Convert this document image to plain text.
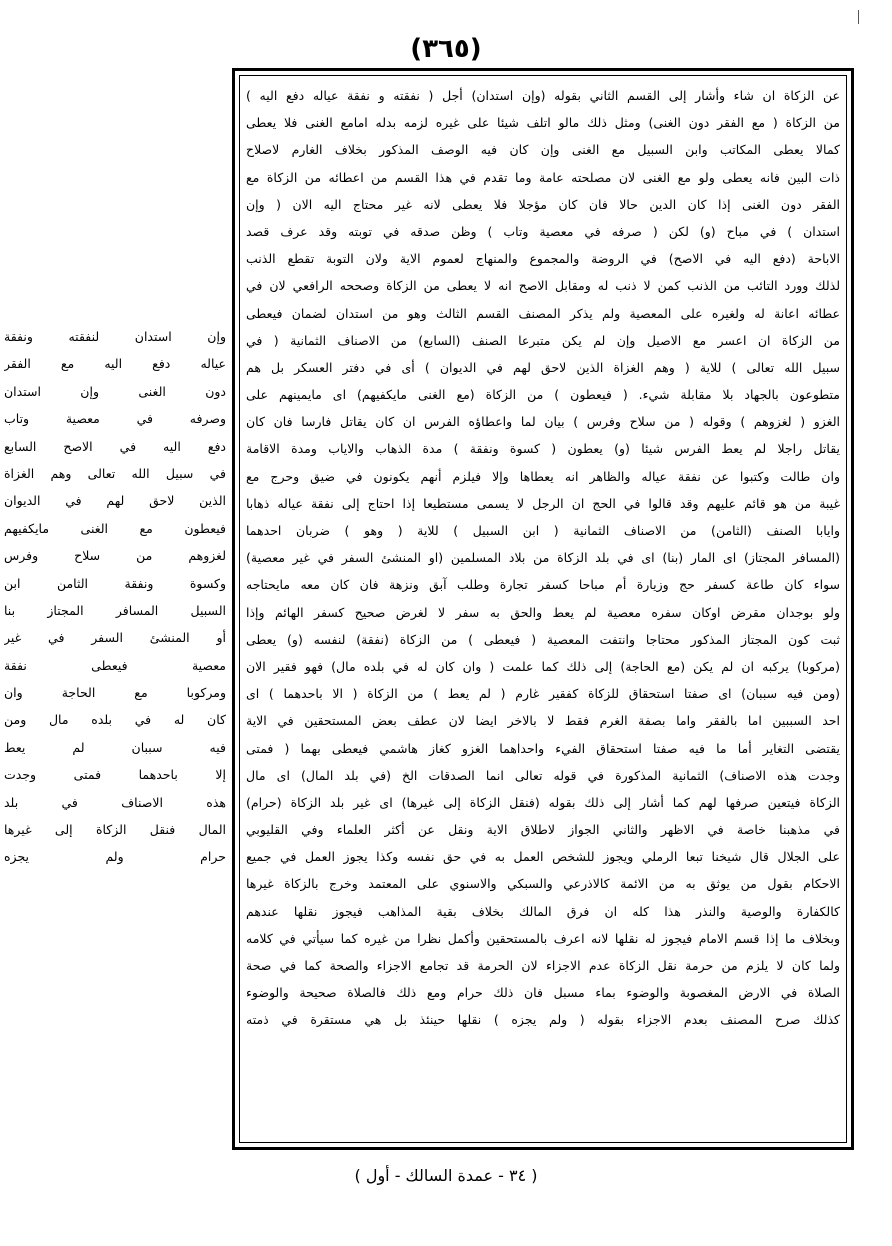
(٣٦٥)
عن الزكاة ان شاء وأشار إلى القسم الثاني بقوله (وإن استدان) أجل ( نفقته و نفقة عياله دفع اليه )
من الزكاة ( مع الفقر دون الغنى) ومثل ذلك مالو اتلف شيئا على غيره لزمه بدله امامع الغنى فلا يعطى
كمالا يعطى المكاتب وابن السبيل مع الغنى وإن كان فيه الوصف المذكور بخلاف الغارم لاصلاح
ذات البين فانه يعطى ولو مع الغنى لان مصلحته عامة وما تقدم في هذا القسم من اعطائه من الزكاة مع
الفقر دون الغنى إذا كان الدين حالا فان كان مؤجلا فلا يعطى لانه غير محتاج اليه الان ( وإن
استدان ) في مباح (و) لكن ( صرفه في معصية وتاب ) وظن صدقه في توبته وقد عرف قصد
الاباحة (دفع اليه في الاصح) في الروضة والمجموع والمنهاج لعموم الاية ولان التوبة تقطع الذنب
لذلك وورد التائب من الذنب كمن لا ذنب له ومقابل الاصح انه لا يعطى من الزكاة وصححه الرافعي لان في
عطائه اعانة له ولغيره على المعصية ولم يذكر المصنف القسم الثالث وهو من استدان لضمان فيعطى
من الزكاة ان اعسر مع الاصيل وإن لم يكن متبرعا الصنف (السابع) من الاصناف الثمانية ( في
سبيل الله تعالى ) للاية ( وهم الغزاة الذين لاحق لهم في الديوان ) أى في دفتر العسكر بل هم
متطوعون بالجهاد بلا مقابلة شيء. ( فيعطون ) من الزكاة (مع الغنى مايكفيهم) اى مايمينهم على
الغزو ( لغزوهم ) وقوله ( من سلاح وفرس ) بيان لما واعطاؤه الفرس ان كان يقاتل فارسا فان كان
يقاتل راجلا لم يعط الفرس شيئا (و) يعطون ( كسوة ونفقة ) مدة الذهاب والاياب ومدة الاقامة
وان طالت وكتبوا عن نفقة عياله والظاهر انه يعطاها وإلا فيلزم أنهم يكونون في ضيق وحرج مع
غيبة من هو قائم عليهم وقد قالوا في الحج ان الرجل لا يسمى مستطيعا إذا احتاج إلى نفقة عياله ذهابا
وايابا الصنف (الثامن) من الاصناف الثمانية ( ابن السبيل ) للاية ( وهو ) ضربان احدهما
(المسافر المجتاز) اى المار (بنا) اى في بلد الزكاة من بلاد المسلمين (او المنشئ السفر في غير معصية)
سواء كان طاعة كسفر حج وزيارة أم مباحا كسفر تجارة وطلب آبق ونزهة فان كان معه مايحتاجه
ولو بوجدان مقرض اوكان سفره معصية لم يعط والحق به سفر لا لغرض صحيح كسفر الهائم وإذا
ثبت كون المجتاز المذكور محتاجا وانتفت المعصية ( فيعطى ) من الزكاة (نفقة) لنفسه (و) يعطى
(مركوبا) يركبه ان لم يكن (مع الحاجة) إلى ذلك كما علمت ( وان كان له في بلده مال) فهو فقير الان
(ومن فيه سببان) اى صفتا استحقاق للزكاة كفقير غارم ( لم يعط ) من الزكاة ( الا باحدهما ) اى
احد السببين اما بالفقر واما بصفة الغرم فقط لا بالاخر ايضا لان عطف بعض المستحقين في الاية
يقتضى التغاير أما ما فيه صفتا استحقاق الفيء واحداهما الغزو كغاز هاشمي فيعطى بهما ( فمتى
وجدت هذه الاصناف) الثمانية المذكورة في قوله تعالى انما الصدقات الخ (في بلد المال) اى مال
الزكاة فيتعين صرفها لهم كما أشار إلى ذلك بقوله (فنقل الزكاة إلى غيرها) اى غير بلد الزكاة (حرام)
في مذهبنا خاصة في الاظهر والثاني الجواز لاطلاق الاية ونقل عن أكثر العلماء وفي القليوبي
على الجلال قال شيخنا تبعا الرملي ويجوز للشخص العمل به في حق نفسه وكذا يجوز العمل في جميع
الاحكام بقول من يوثق به من الائمة كالاذرعي والسبكي والاسنوي على المعتمد وخرج بالزكاة غيرها
كالكفارة والوصية والنذر هذا كله ان فرق المالك بخلاف بقية المذاهب فيجوز نقلها عندهم
وبخلاف ما إذا قسم الامام فيجوز له نقلها لانه اعرف بالمستحقين وأكمل نظرا من غيره كما سيأتي في كلامه
ولما كان لا يلزم من حرمة نقل الزكاة عدم الاجزاء لان الحرمة قد تجامع الاجزاء والصحة كما في صحة
الصلاة في الارض المغصوبة والوضوء بماء مسبل فان ذلك حرام ومع ذلك فالصلاة صحيحة والوضوء
كذلك صرح المصنف بعدم الاجزاء بقوله ( ولم يجزه ) نقلها حينئذ بل هي مستقرة في ذمته
وإن استدان لنفقته ونفقة
عياله دفع اليه مع الفقر
دون الغنى وإن استدان
وصرفه في معصية وتاب
دفع اليه في الاصح السابع
في سبيل الله تعالى وهم الغزاة
الذين لاحق لهم في الديوان
فيعطون مع الغنى مايكفيهم
لغزوهم من سلاح وفرس
وكسوة ونفقة الثامن ابن
السبيل المسافر المجتاز بنا
أو المنشئ السفر في غير
معصية فيعطى نفقة
ومركوبا مع الحاجة وان
كان له في بلده مال ومن
فيه سببان لم يعط
إلا باحدهما فمتى وجدت
هذه الاصناف في بلد
المال فنقل الزكاة إلى غيرها
حرام ولم يجزه
( ٣٤ - عمدة السالك - أول )
